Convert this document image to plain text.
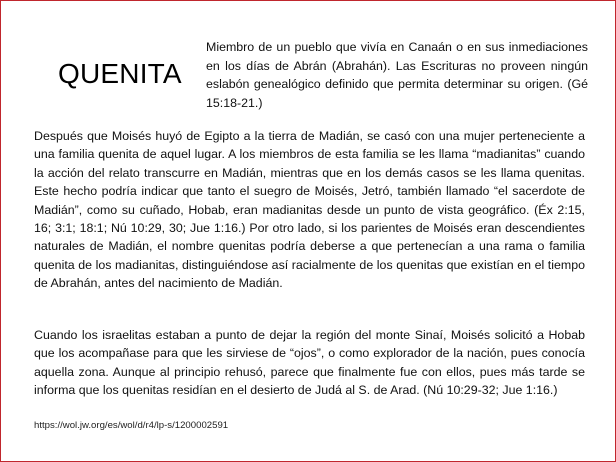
QUENITA
Miembro de un pueblo que vivía en Canaán o en sus inmediaciones en los días de Abrán (Abrahán). Las Escrituras no proveen ningún eslabón genealógico definido que permita determinar su origen. (Gé 15:18-21.)
Después que Moisés huyó de Egipto a la tierra de Madián, se casó con una mujer perteneciente a una familia quenita de aquel lugar. A los miembros de esta familia se les llama “madianitas” cuando la acción del relato transcurre en Madián, mientras que en los demás casos se les llama quenitas. Este hecho podría indicar que tanto el suegro de Moisés, Jetró, también llamado “el sacerdote de Madián”, como su cuñado, Hobab, eran madianitas desde un punto de vista geográfico. (Éx 2:15, 16; 3:1; 18:1; Nú 10:29, 30; Jue 1:16.) Por otro lado, si los parientes de Moisés eran descendientes naturales de Madián, el nombre quenitas podría deberse a que pertenecían a una rama o familia quenita de los madianitas, distinguiéndose así racialmente de los quenitas que existían en el tiempo de Abrahán, antes del nacimiento de Madián.
Cuando los israelitas estaban a punto de dejar la región del monte Sinaí, Moisés solicitó a Hobab que los acompañase para que les sirviese de “ojos”, o como explorador de la nación, pues conocía aquella zona. Aunque al principio rehusó, parece que finalmente fue con ellos, pues más tarde se informa que los quenitas residían en el desierto de Judá al S. de Arad. (Nú 10:29-32; Jue 1:16.)
https://wol.jw.org/es/wol/d/r4/lp-s/1200002591
